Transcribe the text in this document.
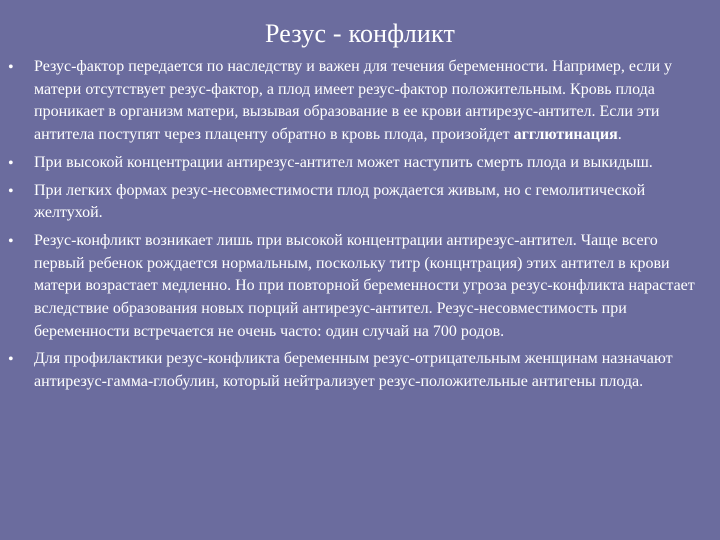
Резус - конфликт
•	Резус-фактор передается по наследству и важен для течения беременности. Например, если у матери отсутствует резус-фактор, а плод имеет резус-фактор положительным. Кровь плода проникает в организм матери, вызывая образование в ее крови антирезус-антител. Если эти антитела поступят через плаценту обратно в кровь плода, произойдет агглютинация.
•	При высокой концентрации антирезус-антител может наступить смерть плода и выкидыш.
•	При легких формах резус-несовместимости плод рождается живым, но с гемолитической желтухой.
•	Резус-конфликт возникает лишь при высокой концентрации антирезус-антител. Чаще всего первый ребенок рождается нормальным, поскольку титр (концнтрация) этих антител в крови матери возрастает медленно. Но при повторной беременности угроза резус-конфликта нарастает вследствие образования новых порций антирезус-антител. Резус-несовместимость при беременности встречается не очень часто: один случай на 700 родов.
•	Для профилактики резус-конфликта беременным резус-отрицательным женщинам назначают антирезус-гамма-глобулин, который нейтрализует резус-положительные антигены плода.
